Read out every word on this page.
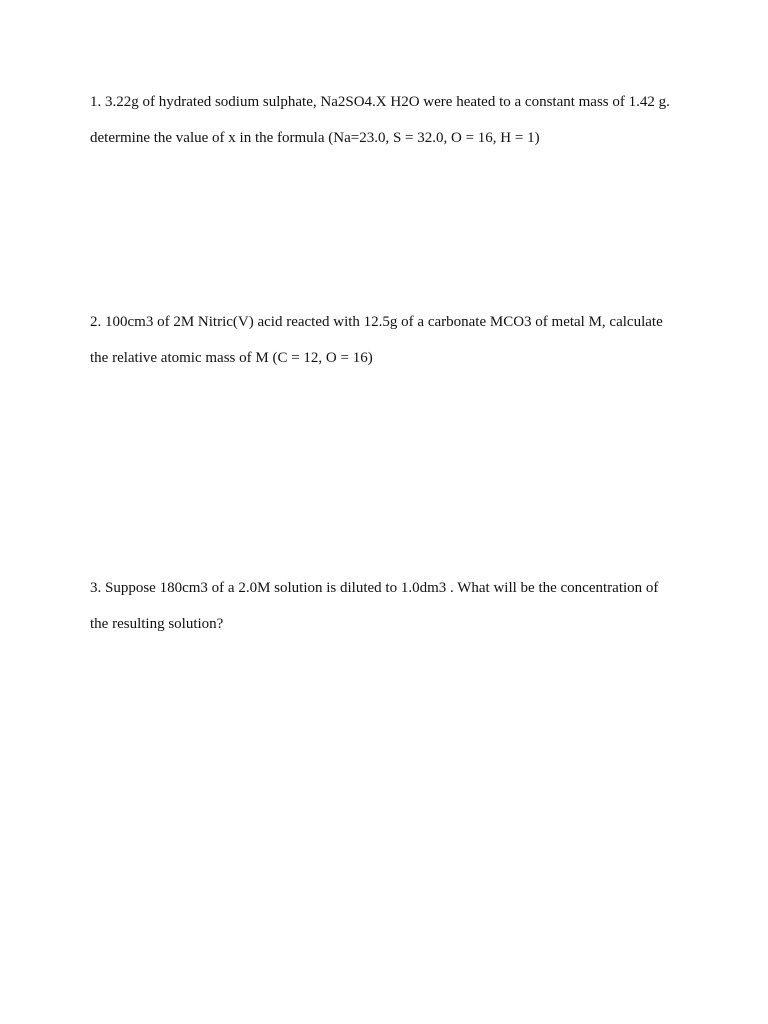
1. 3.22g of hydrated sodium sulphate, Na2SO4.X H2O were heated to a constant mass of 1.42 g.
determine the value of x in the formula (Na=23.0, S = 32.0, O = 16, H = 1)
2. 100cm3 of 2M Nitric(V) acid reacted with 12.5g of a carbonate MCO3 of metal M, calculate
the relative atomic mass of M (C = 12, O = 16)
3. Suppose 180cm3 of a 2.0M solution is diluted to 1.0dm3 . What will be the concentration of
the resulting solution?
